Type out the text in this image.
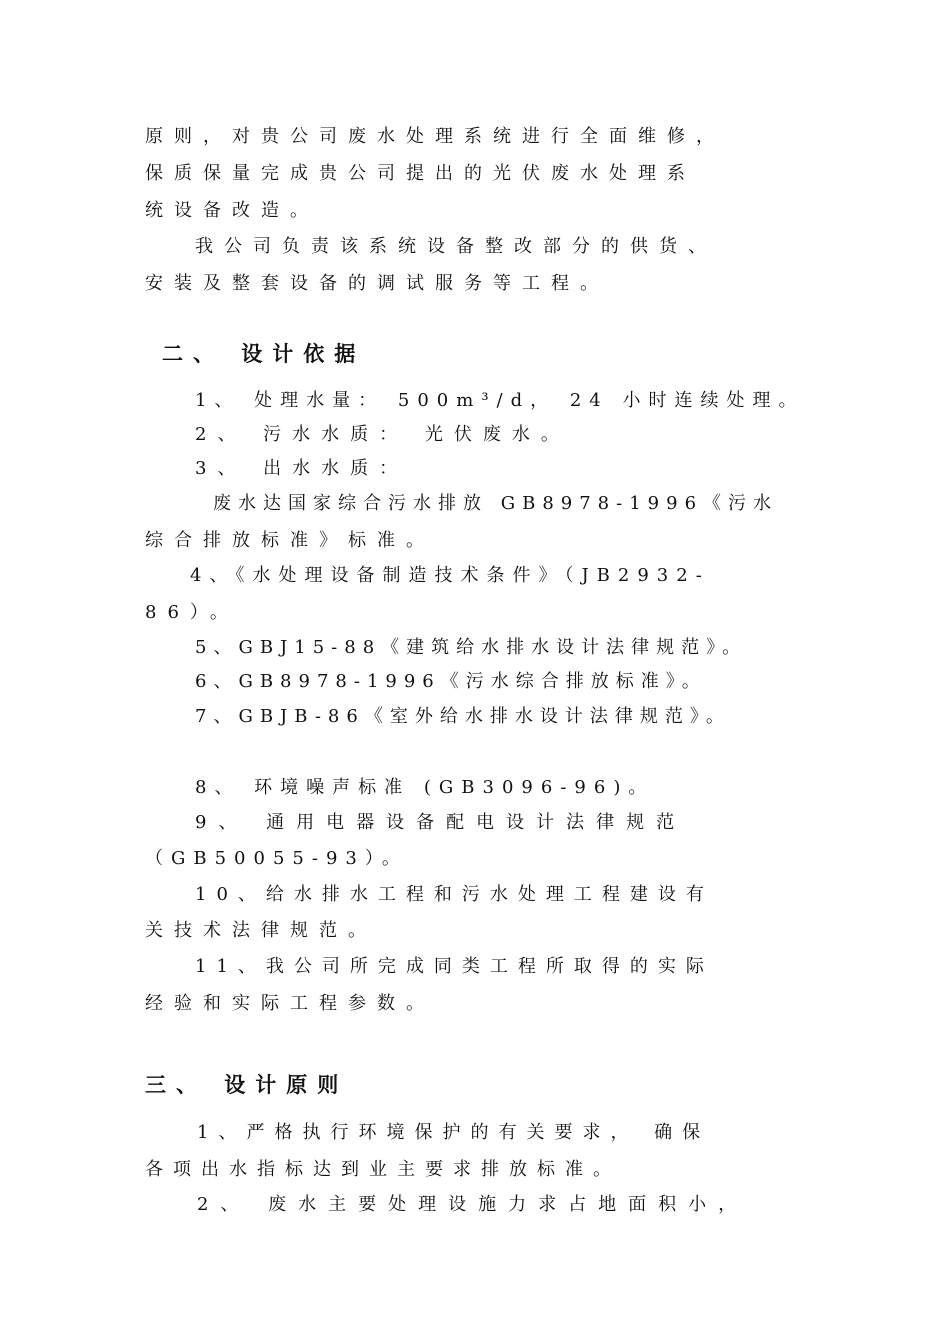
原则，对贵公司废水处理系统进行全面维修，
保质保量完成贵公司提出的光伏废水处理系
统设备改造。
我公司负责该系统设备整改部分的供货、
安装及整套设备的调试服务等工程。
二、 设计依据
1、 处理水量： 500m³/d， 24 小时连续处理。
2、 污水水质： 光伏废水。
3、 出水水质：
废水达国家综合污水排放 GB8978-1996《污水
综合排放标准》标准。
4、《水处理设备制造技术条件》（JB2932-
86）。
5、GBJ15-88《建筑给水排水设计法律规范》。
6、GB8978-1996《污水综合排放标准》。
7、GBJB-86《室外给水排水设计法律规范》。
8、 环境噪声标准 (GB3096-96)。
9、 通用电器设备配电设计法律规范
（GB50055-93）。
10、给水排水工程和污水处理工程建设有
关技术法律规范。
11、我公司所完成同类工程所取得的实际
经验和实际工程参数。
三、 设计原则
1、严格执行环境保护的有关要求， 确保
各项出水指标达到业主要求排放标准。
2、 废水主要处理设施力求占地面积小，
